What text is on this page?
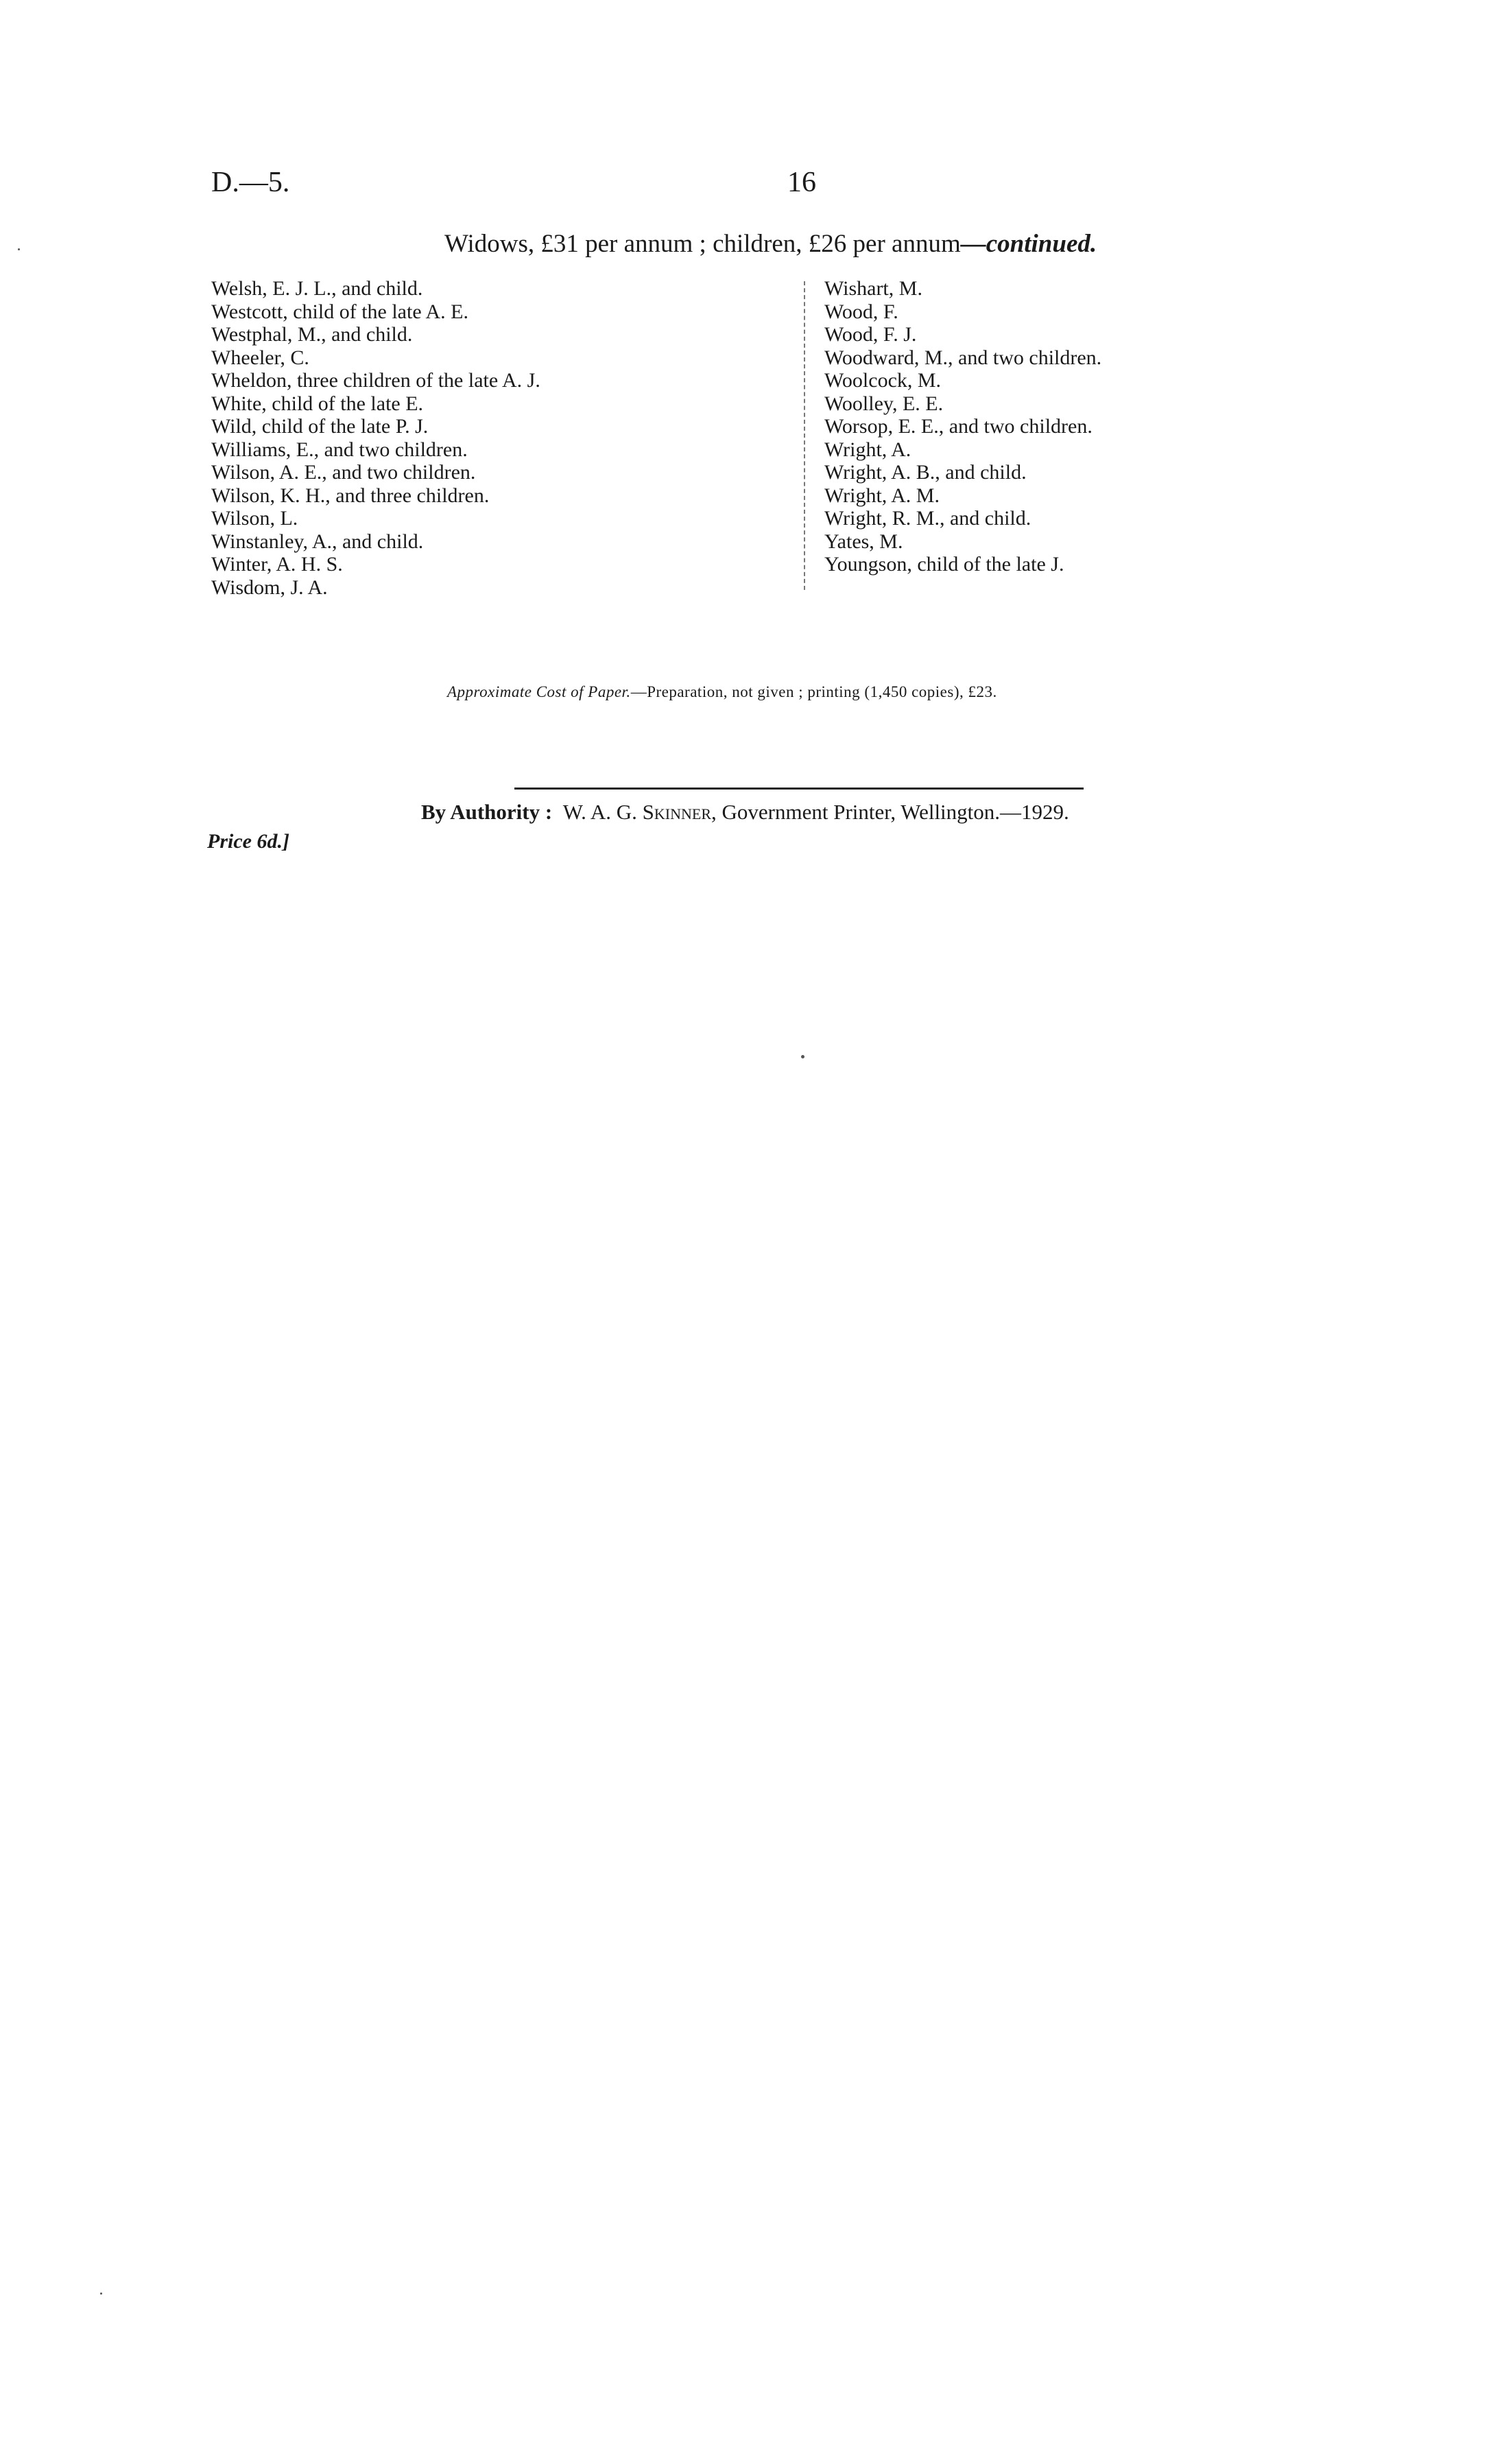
D.—5.	16
Widows, £31 per annum ; children, £26 per annum—continued.
Welsh, E. J. L., and child.
Westcott, child of the late A. E.
Westphal, M., and child.
Wheeler, C.
Wheldon, three children of the late A. J.
White, child of the late E.
Wild, child of the late P. J.
Williams, E., and two children.
Wilson, A. E., and two children.
Wilson, K. H., and three children.
Wilson, L.
Winstanley, A., and child.
Winter, A. H. S.
Wisdom, J. A.
Wishart, M.
Wood, F.
Wood, F. J.
Woodward, M., and two children.
Woolcock, M.
Woolley, E. E.
Worsop, E. E., and two children.
Wright, A.
Wright, A. B., and child.
Wright, A. M.
Wright, R. M., and child.
Yates, M.
Youngson, child of the late J.
Approximate Cost of Paper.—Preparation, not given ; printing (1,450 copies), £23.
By Authority : W. A. G. Skinner, Government Printer, Wellington.—1929.
Price 6d.]
